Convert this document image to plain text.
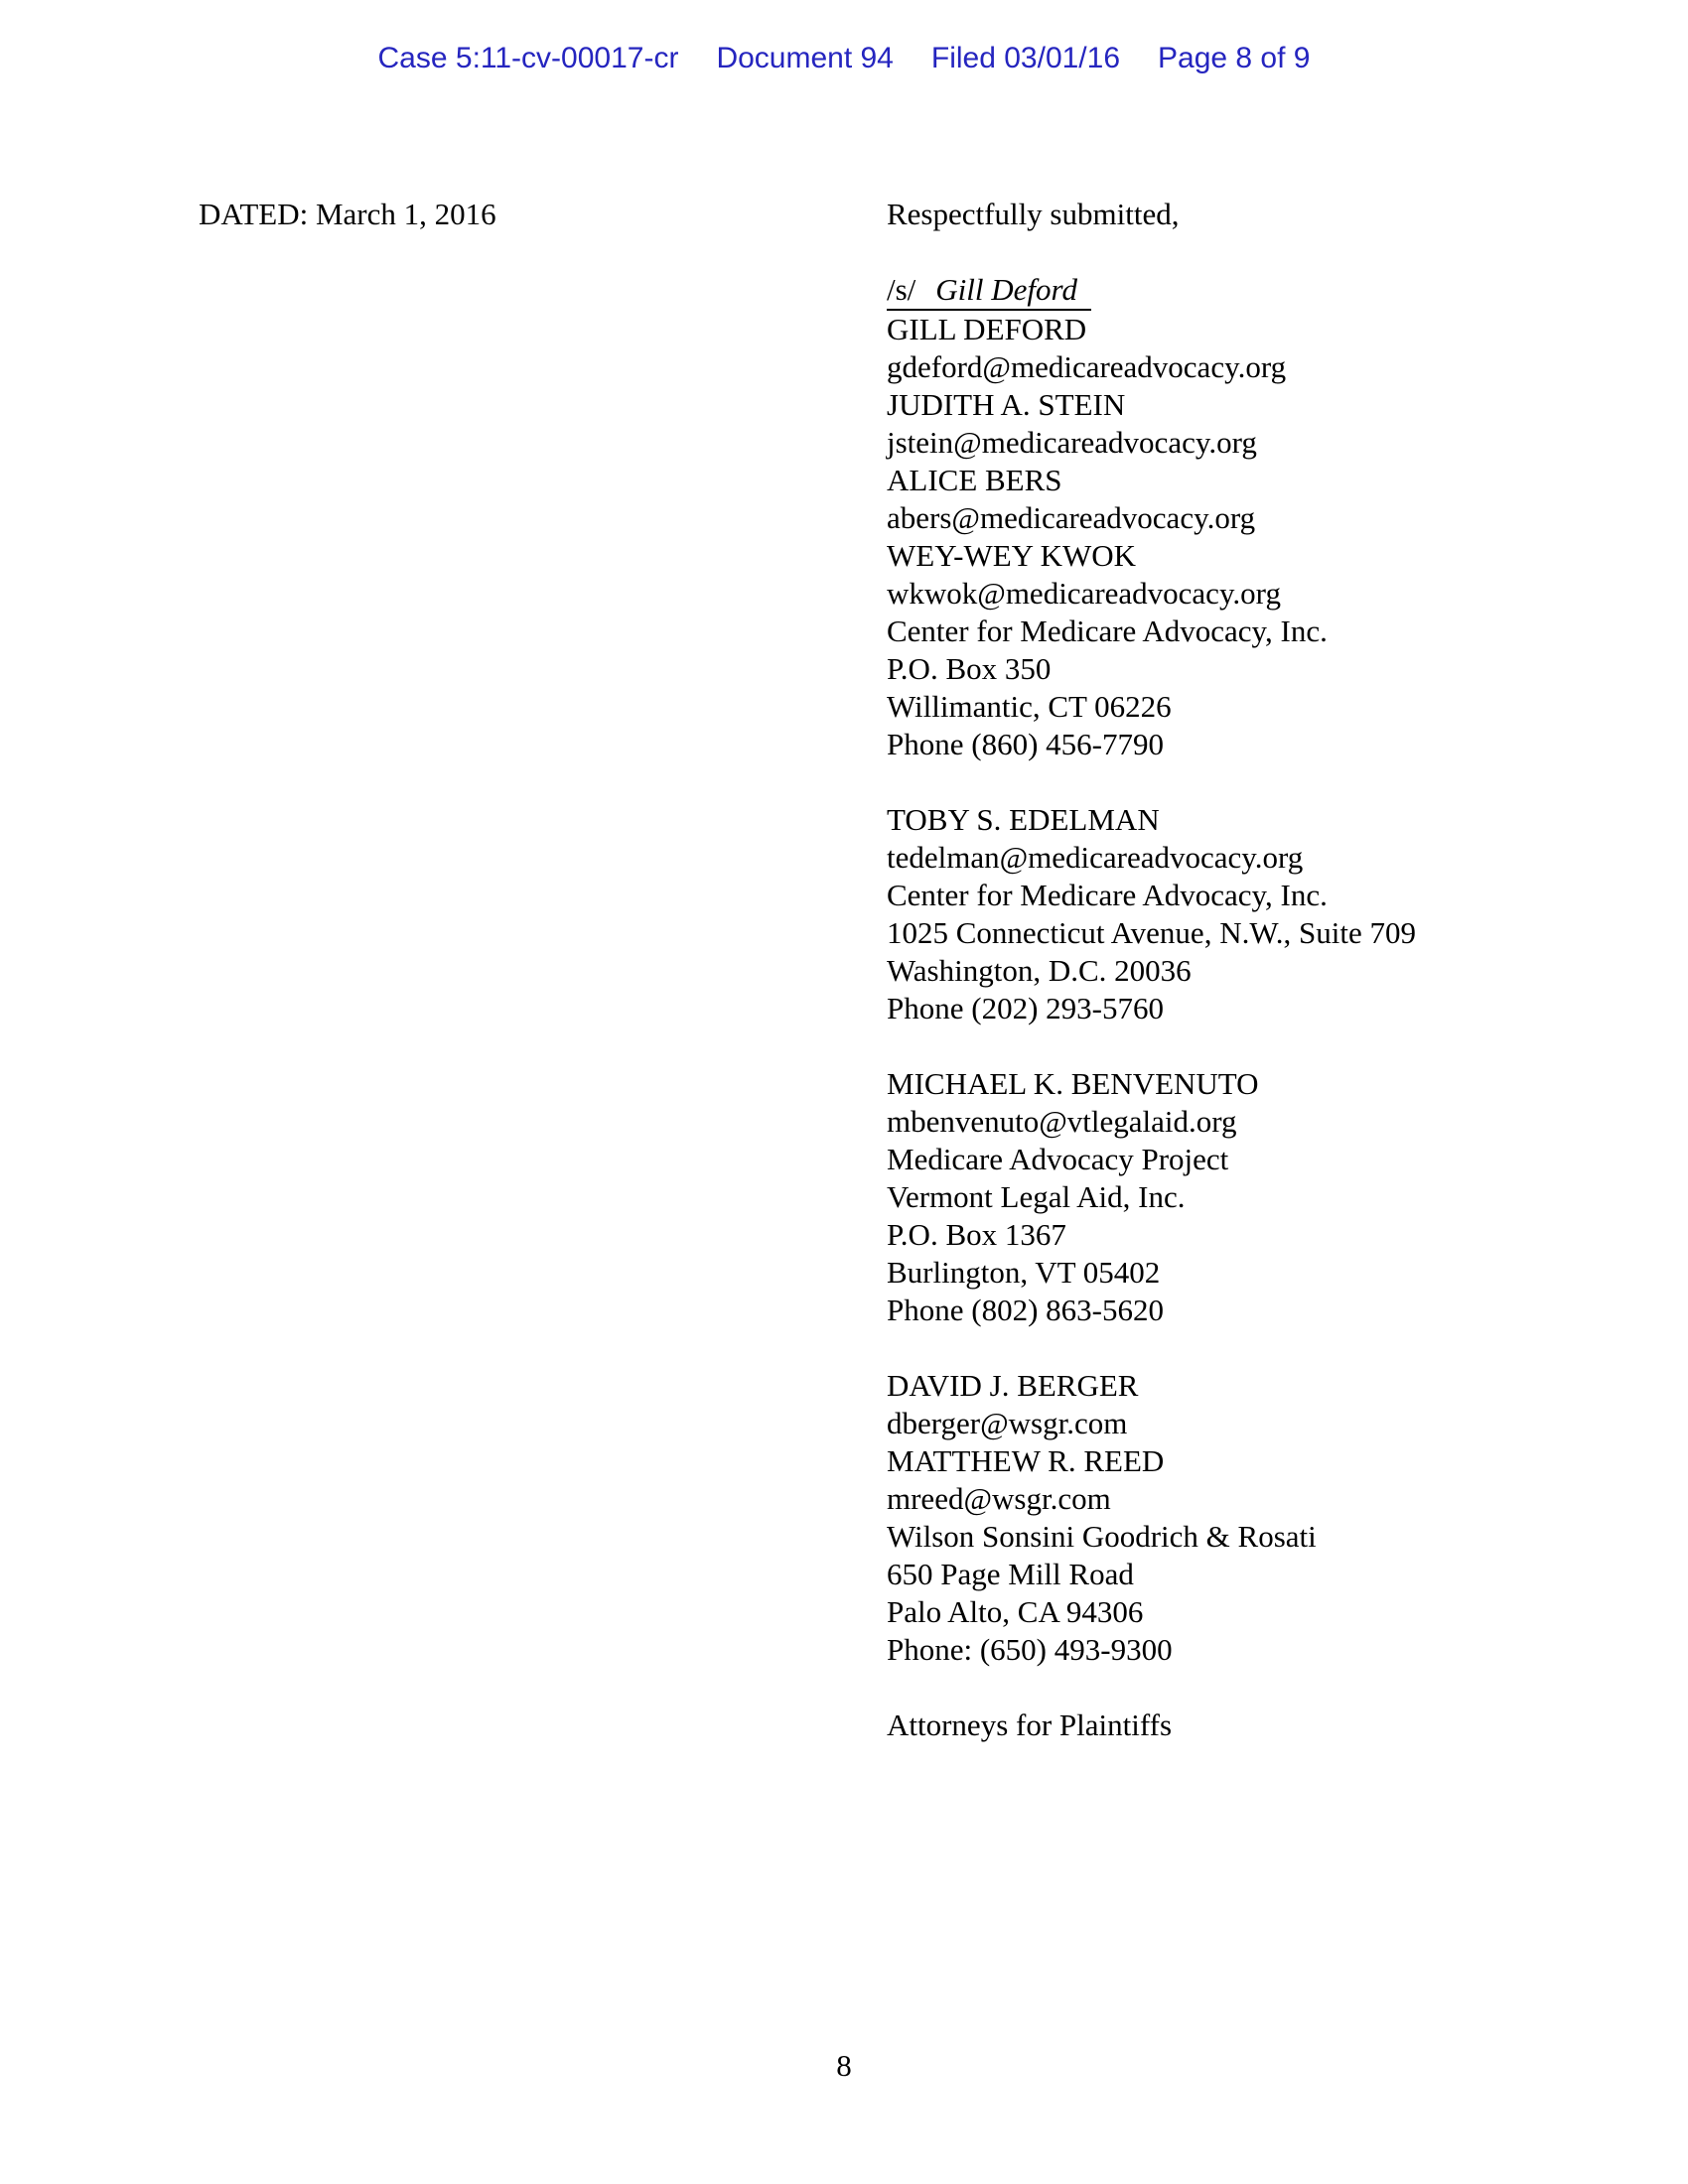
Case 5:11-cv-00017-cr Document 94 Filed 03/01/16 Page 8 of 9
DATED: March 1, 2016	Respectfully submitted,
/s/ Gill Deford
GILL DEFORD
gdeford@medicareadvocacy.org
JUDITH A. STEIN
jstein@medicareadvocacy.org
ALICE BERS
abers@medicareadvocacy.org
WEY-WEY KWOK
wkwok@medicareadvocacy.org
Center for Medicare Advocacy, Inc.
P.O. Box 350
Willimantic, CT 06226
Phone (860) 456-7790
TOBY S. EDELMAN
tedelman@medicareadvocacy.org
Center for Medicare Advocacy, Inc.
1025 Connecticut Avenue, N.W., Suite 709
Washington, D.C. 20036
Phone (202) 293-5760
MICHAEL K. BENVENUTO
mbenvenuto@vtlegalaid.org
Medicare Advocacy Project
Vermont Legal Aid, Inc.
P.O. Box 1367
Burlington, VT 05402
Phone (802) 863-5620
DAVID J. BERGER
dberger@wsgr.com
MATTHEW R. REED
mreed@wsgr.com
Wilson Sonsini Goodrich & Rosati
650 Page Mill Road
Palo Alto, CA 94306
Phone: (650) 493-9300
Attorneys for Plaintiffs
8
